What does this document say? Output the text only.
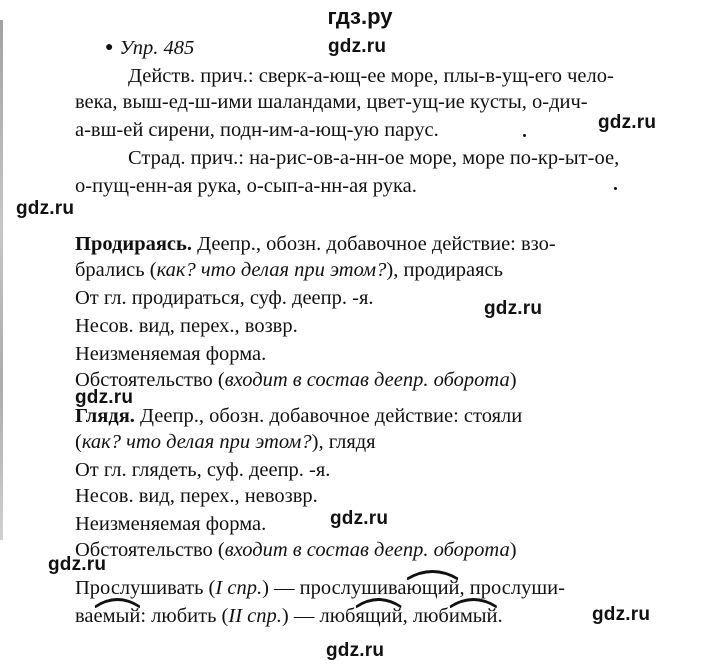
гдз.ру
● Упр. 485	gdz.ru
Действ. прич.: сверк-а-ющ-ее море, плы-в-ущ-его чело-
века, выш-ед-ш-ими шаландами, цвет-ущ-ие кусты, о-дич-
а-вш-ей сирени, подн-им-а-ющ-ую парус.	gdz.ru
Страд. прич.: на-рис-ов-а-нн-ое море, море по-кр-ыт-ое,
о-пущ-енн-ая рука, о-сып-а-нн-ая рука.
gdz.ru
Продираясь. Деепр., обозн. добавочное действие: взо-
брались (как? что делая при этом?), продираясь
От гл. продираться, суф. деепр. -я.	gdz.ru
Несов. вид, перех., возвр.
Неизменяемая форма.
Обстоятельство (входит в состав деепр. оборота)
gdz.ru
Глядя. Деепр., обозн. добавочное действие: стояли
(как? что делая при этом?), глядя
От гл. глядеть, суф. деепр. -я.
Несов. вид, перех., невозвр.
Неизменяемая форма.	gdz.ru
Обстоятельство (входит в состав деепр. оборота)
gdz.ru
Прослушивать (I спр.) — прослушива
ющий, прослуши-
ва
емый: любить (II спр.) — люб
ящий, люб
имый.	gdz.ru
gdz.ru
